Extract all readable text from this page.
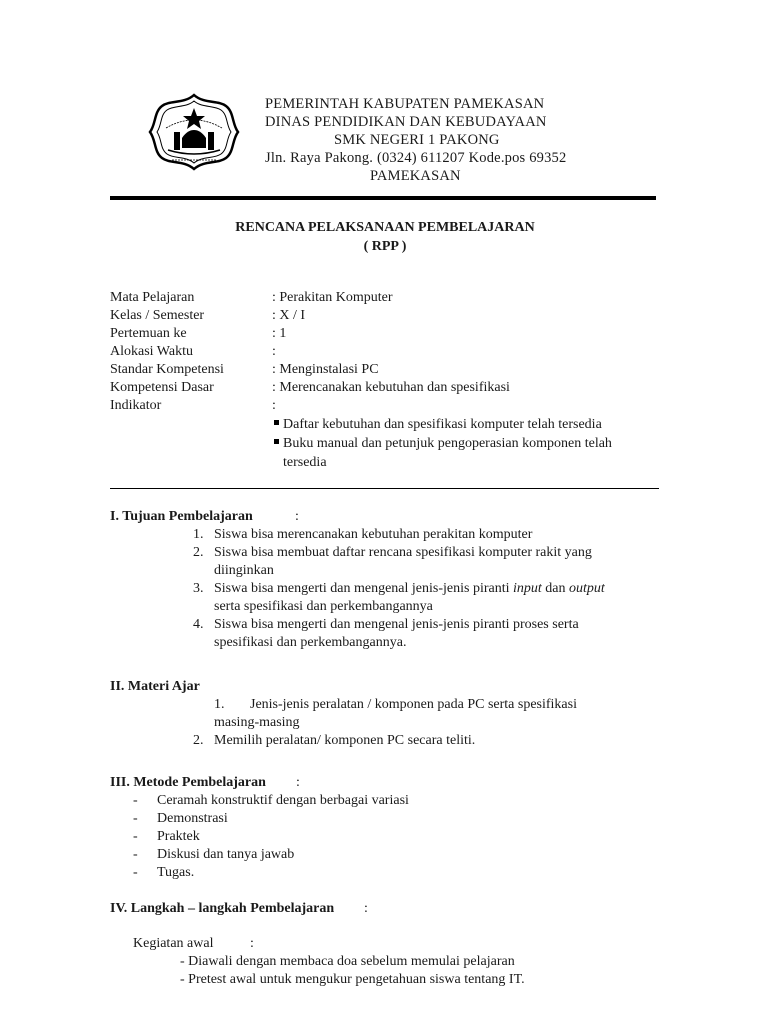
PEMERINTAH KABUPATEN PAMEKASAN
DINAS PENDIDIKAN DAN KEBUDAYAAN
SMK NEGERI 1 PAKONG
Jln. Raya Pakong. (0324) 611207 Kode.pos 69352
PAMEKASAN
RENCANA PELAKSANAAN PEMBELAJARAN
( RPP )
Mata Pelajaran	: Perakitan Komputer
Kelas / Semester	: X / I
Pertemuan ke	: 1
Alokasi Waktu	:
Standar Kompetensi	: Menginstalasi PC
Kompetensi Dasar	: Merencanakan kebutuhan dan spesifikasi
Indikator	:
Daftar kebutuhan dan spesifikasi komputer telah tersedia
Buku manual dan petunjuk pengoperasian komponen telah
tersedia
I. Tujuan Pembelajaran	:
1. Siswa bisa merencanakan kebutuhan perakitan komputer
2. Siswa bisa membuat daftar rencana spesifikasi komputer rakit yang
diinginkan
3. Siswa bisa mengerti dan mengenal jenis-jenis piranti input dan output
serta spesifikasi dan perkembangannya
4. Siswa bisa mengerti dan mengenal jenis-jenis piranti proses serta
spesifikasi dan perkembangannya.
II. Materi Ajar
1. Jenis-jenis peralatan / komponen pada PC serta spesifikasi
masing-masing
2. Memilih peralatan/ komponen PC secara teliti.
III. Metode Pembelajaran :
- Ceramah konstruktif dengan berbagai variasi
- Demonstrasi
- Praktek
- Diskusi dan tanya jawab
- Tugas.
IV. Langkah – langkah Pembelajaran :
Kegiatan awal	:
- Diawali dengan membaca doa sebelum memulai pelajaran
- Pretest awal untuk mengukur pengetahuan siswa tentang IT.
